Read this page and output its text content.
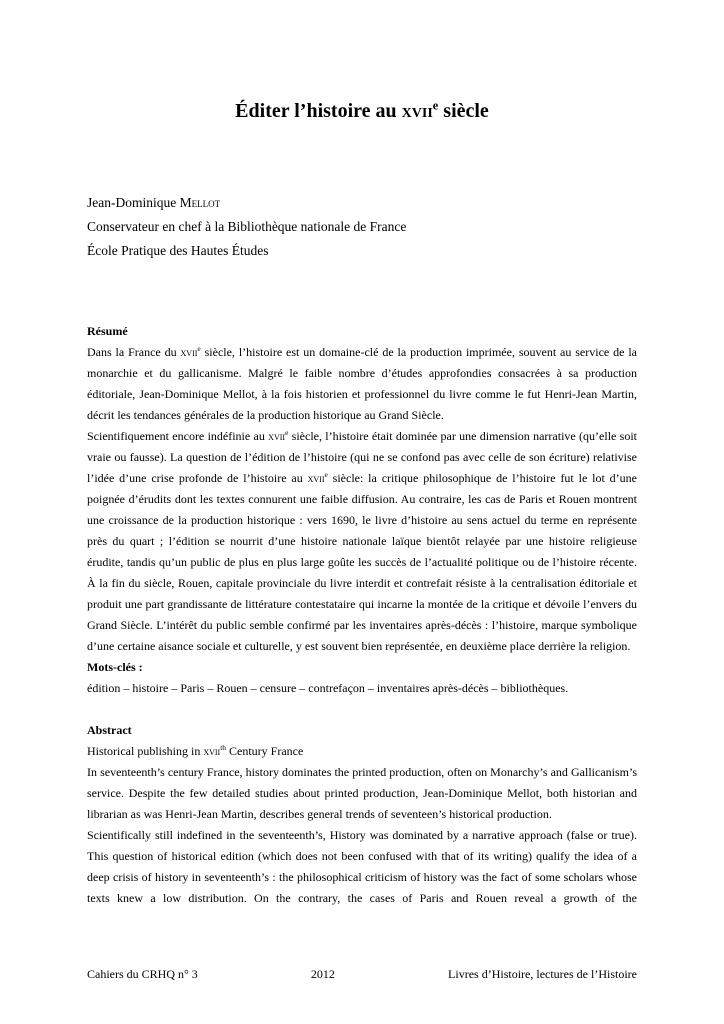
Éditer l’histoire au xvii$^e$ siècle
Jean-Dominique Mellot
Conservateur en chef à la Bibliothèque nationale de France
École Pratique des Hautes Études

Résumé

Dans la France du xvii$^e$ siècle, l’histoire est un domaine-clé de la production imprimée, souvent au service de la monarchie et du gallicanisme. Malgré le faible nombre d’études approfondies consacrées à sa production éditoriale, Jean-Dominique Mellot, à la fois historien et professionnel du livre comme le fut Henri-Jean Martin, décrit les tendances générales de la production historique au Grand Siècle.

Scientifiquement encore indéfinie au xvii$^e$ siècle, l’histoire était dominée par une dimension narrative (qu’elle soit vraie ou fausse). La question de l’édition de l’histoire (qui ne se confond pas avec celle de son écriture) relativise l’idée d’une crise profonde de l’histoire au xvii$^e$ siècle: la critique philosophique de l’histoire fut le lot d’une poignée d’érudits dont les textes connurent une faible diffusion. Au contraire, les cas de Paris et Rouen montrent une croissance de la production historique : vers 1690, le livre d’histoire au sens actuel du terme en représente près du quart ; l’édition se nourrit d’une histoire nationale laïque bientôt relayée par une histoire religieuse érudite, tandis qu’un public de plus en plus large goûte les succès de l’actualité politique ou de l’histoire récente. À la fin du siècle, Rouen, capitale provinciale du livre interdit et contrefait résiste à la centralisation éditoriale et produit une part grandissante de littérature contestataire qui incarne la montée de la critique et dévoile l’envers du Grand Siècle. L’intérêt du public semble confirmé par les inventaires après-décès : l’histoire, marque symbolique d’une certaine aisance sociale et culturelle, y est souvent bien représentée, en deuxième place derrière la religion.

Mots-clés :

édition – histoire – Paris – Rouen – censure – contrefaçon – inventaires après-décès – bibliothèques.

Abstract

Historical publishing in xvii$^{th}$ Century France

In seventeenth’s century France, history dominates the printed production, often on Monarchy’s and Gallicanism’s service. Despite the few detailed studies about printed production, Jean-Dominique Mellot, both historian and librarian as was Henri-Jean Martin, describes general trends of seventeen’s historical production.

Scientifically still indefined in the seventeenth’s, History was dominated by a narrative approach (false or true). This question of historical edition (which does not been confused with that of its writing) qualify the idea of a deep crisis of history in seventeenth’s : the philosophical criticism of history was the fact of some scholars whose texts knew a low distribution. On the contrary, the cases of Paris and Rouen reveal a growth of the

Cahiers du CRHQ n° 3	2012	Livres d’Histoire, lectures de l’Histoire
